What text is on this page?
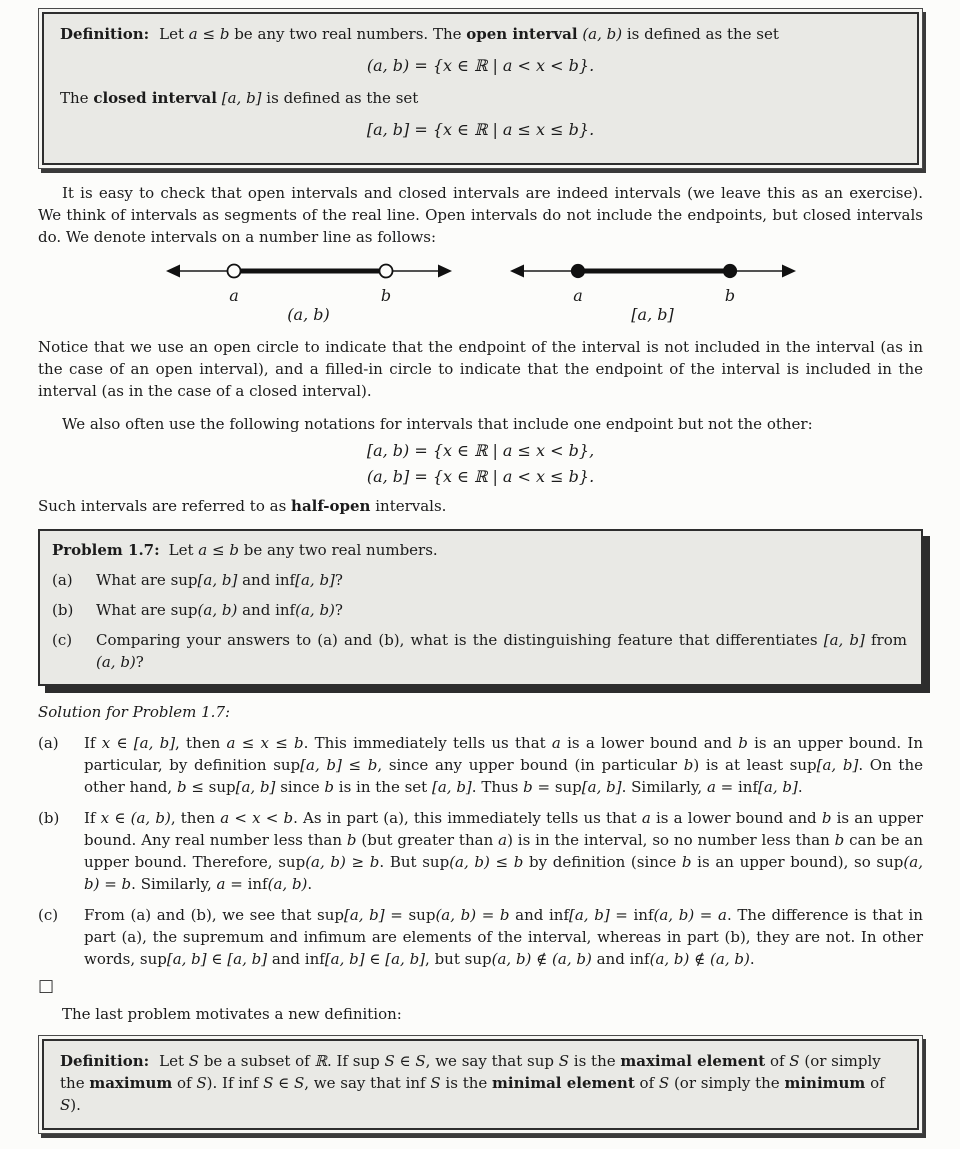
Definition: Let a ≤ b be any two real numbers. The open interval (a, b) is defined as the set

(a, b) = {x ∈ ℝ | a < x < b}.

The closed interval [a, b] is defined as the set

[a, b] = {x ∈ ℝ | a ≤ x ≤ b}.

It is easy to check that open intervals and closed intervals are indeed intervals (we leave this as an exercise). We think of intervals as segments of the real line. Open intervals do not include the endpoints, but closed intervals do. We denote intervals on a number line as follows:

a	b
(a, b)
a	b
[a, b]

Notice that we use an open circle to indicate that the endpoint of the interval is not included in the interval (as in the case of an open interval), and a filled-in circle to indicate that the endpoint of the interval is included in the interval (as in the case of a closed interval).

We also often use the following notations for intervals that include one endpoint but not the other:

[a, b) = {x ∈ ℝ | a ≤ x < b},

(a, b] = {x ∈ ℝ | a < x ≤ b}.

Such intervals are referred to as half-open intervals.

Problem 1.7: Let a ≤ b be any two real numbers.

(a)	What are sup[a, b] and inf[a, b]?
(b)	What are sup(a, b) and inf(a, b)?
(c)	Comparing your answers to (a) and (b), what is the distinguishing feature that differentiates [a, b] from (a, b)?

Solution for Problem 1.7:

(a)	If x ∈ [a, b], then a ≤ x ≤ b. This immediately tells us that a is a lower bound and b is an upper bound. In particular, by definition sup[a, b] ≤ b, since any upper bound (in particular b) is at least sup[a, b]. On the other hand, b ≤ sup[a, b] since b is in the set [a, b]. Thus b = sup[a, b]. Similarly, a = inf[a, b].
(b)	If x ∈ (a, b), then a < x < b. As in part (a), this immediately tells us that a is a lower bound and b is an upper bound. Any real number less than b (but greater than a) is in the interval, so no number less than b can be an upper bound. Therefore, sup(a, b) ≥ b. But sup(a, b) ≤ b by definition (since b is an upper bound), so sup(a, b) = b. Similarly, a = inf(a, b).
(c)	From (a) and (b), we see that sup[a, b] = sup(a, b) = b and inf[a, b] = inf(a, b) = a. The difference is that in part (a), the supremum and infimum are elements of the interval, whereas in part (b), they are not. In other words, sup[a, b] ∈ [a, b] and inf[a, b] ∈ [a, b], but sup(a, b) ∉ (a, b) and inf(a, b) ∉ (a, b).
□

The last problem motivates a new definition:

Definition: Let S be a subset of ℝ. If sup S ∈ S, we say that sup S is the maximal element of S (or simply the maximum of S). If inf S ∈ S, we say that inf S is the minimal element of S (or simply the minimum of S).
